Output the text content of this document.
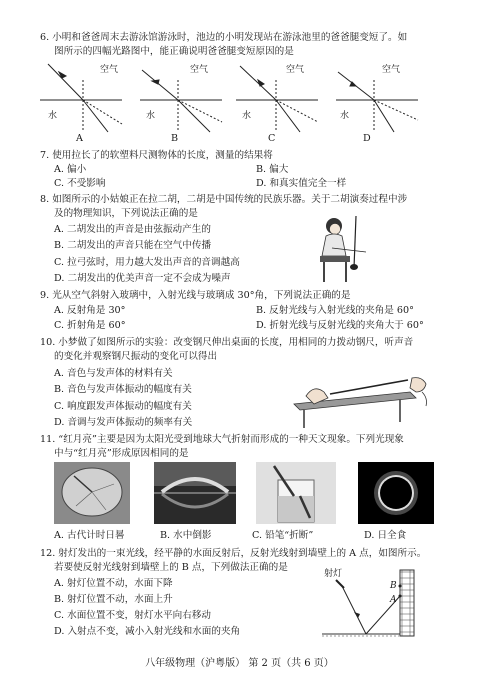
6. 小明和爸爸周末去游泳馆游泳时，池边的小明发现站在游泳池里的爸爸腿变短了。如
图所示的四幅光路图中，能正确说明爸爸腿变短原因的是
空气	空气	空气	空气
水	水	水	水
A	B	C	D
7. 使用拉长了的软塑料尺测物体的长度，测量的结果将
A. 偏小	B. 偏大
C. 不受影响	D. 和真实值完全一样
8. 如图所示的小姑娘正在拉二胡，二胡是中国传统的民族乐器。关于二胡演奏过程中涉
及的物理知识，下列说法正确的是
A. 二胡发出的声音是由弦振动产生的
B. 二胡发出的声音只能在空气中传播
C. 拉弓弦时，用力越大发出声音的音调越高
D. 二胡发出的优美声音一定不会成为噪声
9. 光从空气斜射入玻璃中，入射光线与玻璃成 30°角，下列说法正确的是
A. 反射角是 30°	B. 反射光线与入射光线的夹角是 60°
C. 折射角是 60°	D. 折射光线与反射光线的夹角大于 60°
10. 小梦做了如图所示的实验：改变钢尺伸出桌面的长度，用相同的力拨动钢尺，听声音
的变化并观察钢尺振动的变化可以得出
A. 音色与发声体的材料有关
B. 音色与发声体振动的幅度有关
C. 响度跟发声体振动的幅度有关
D. 音调与发声体振动的频率有关
11. “红月亮”主要是因为太阳光受到地球大气折射而形成的一种天文现象。下列光现象
中与“红月亮”形成原因相同的是
A. 古代计时日晷	B. 水中倒影	C. 铅笔“折断”	D. 日全食
12. 射灯发出的一束光线，经平静的水面反射后，反射光线射到墙壁上的 A 点，如图所示。
若要使反射光线射到墙壁上的 B 点，下列做法正确的是
A. 射灯位置不动，水面下降
B. 射灯位置不动，水面上升
C. 水面位置不变，射灯水平向右移动
D. 入射点不变，减小入射光线和水面的夹角
射灯
A
B
八年级物理（沪粤版） 第 2 页（共 6 页）
